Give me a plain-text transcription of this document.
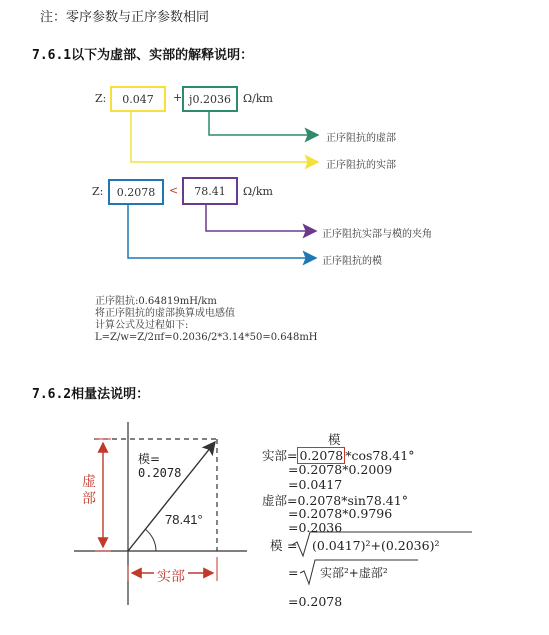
注：零序参数与正序参数相同
7.6.1以下为虚部、实部的解释说明：
Z:	0.047	+ j0.2036	Ω/km
正序阻抗的虚部
正序阻抗的实部
Z:	0.2078	<	78.41	Ω/km
正序阻抗实部与模的夹角
正序阻抗的模
正序阻抗:0.64819mH/km
将正序阻抗的虚部换算成电感值
计算公式及过程如下:
L=Z/w=Z/2πf=0.2036/2*3.14*50=0.648mH
7.6.2相量法说明：
模=
0.2078
78.41°
虚
部
实部
模
实部= 0.2078 *cos78.41°
=0.2078*0.2009
=0.0417
虚部=0.2078*sin78.41°
=0.2078*0.9796
=0.2036
模 = (0.0417)²+(0.2036)²
= 实部²+虚部²
=0.2078
